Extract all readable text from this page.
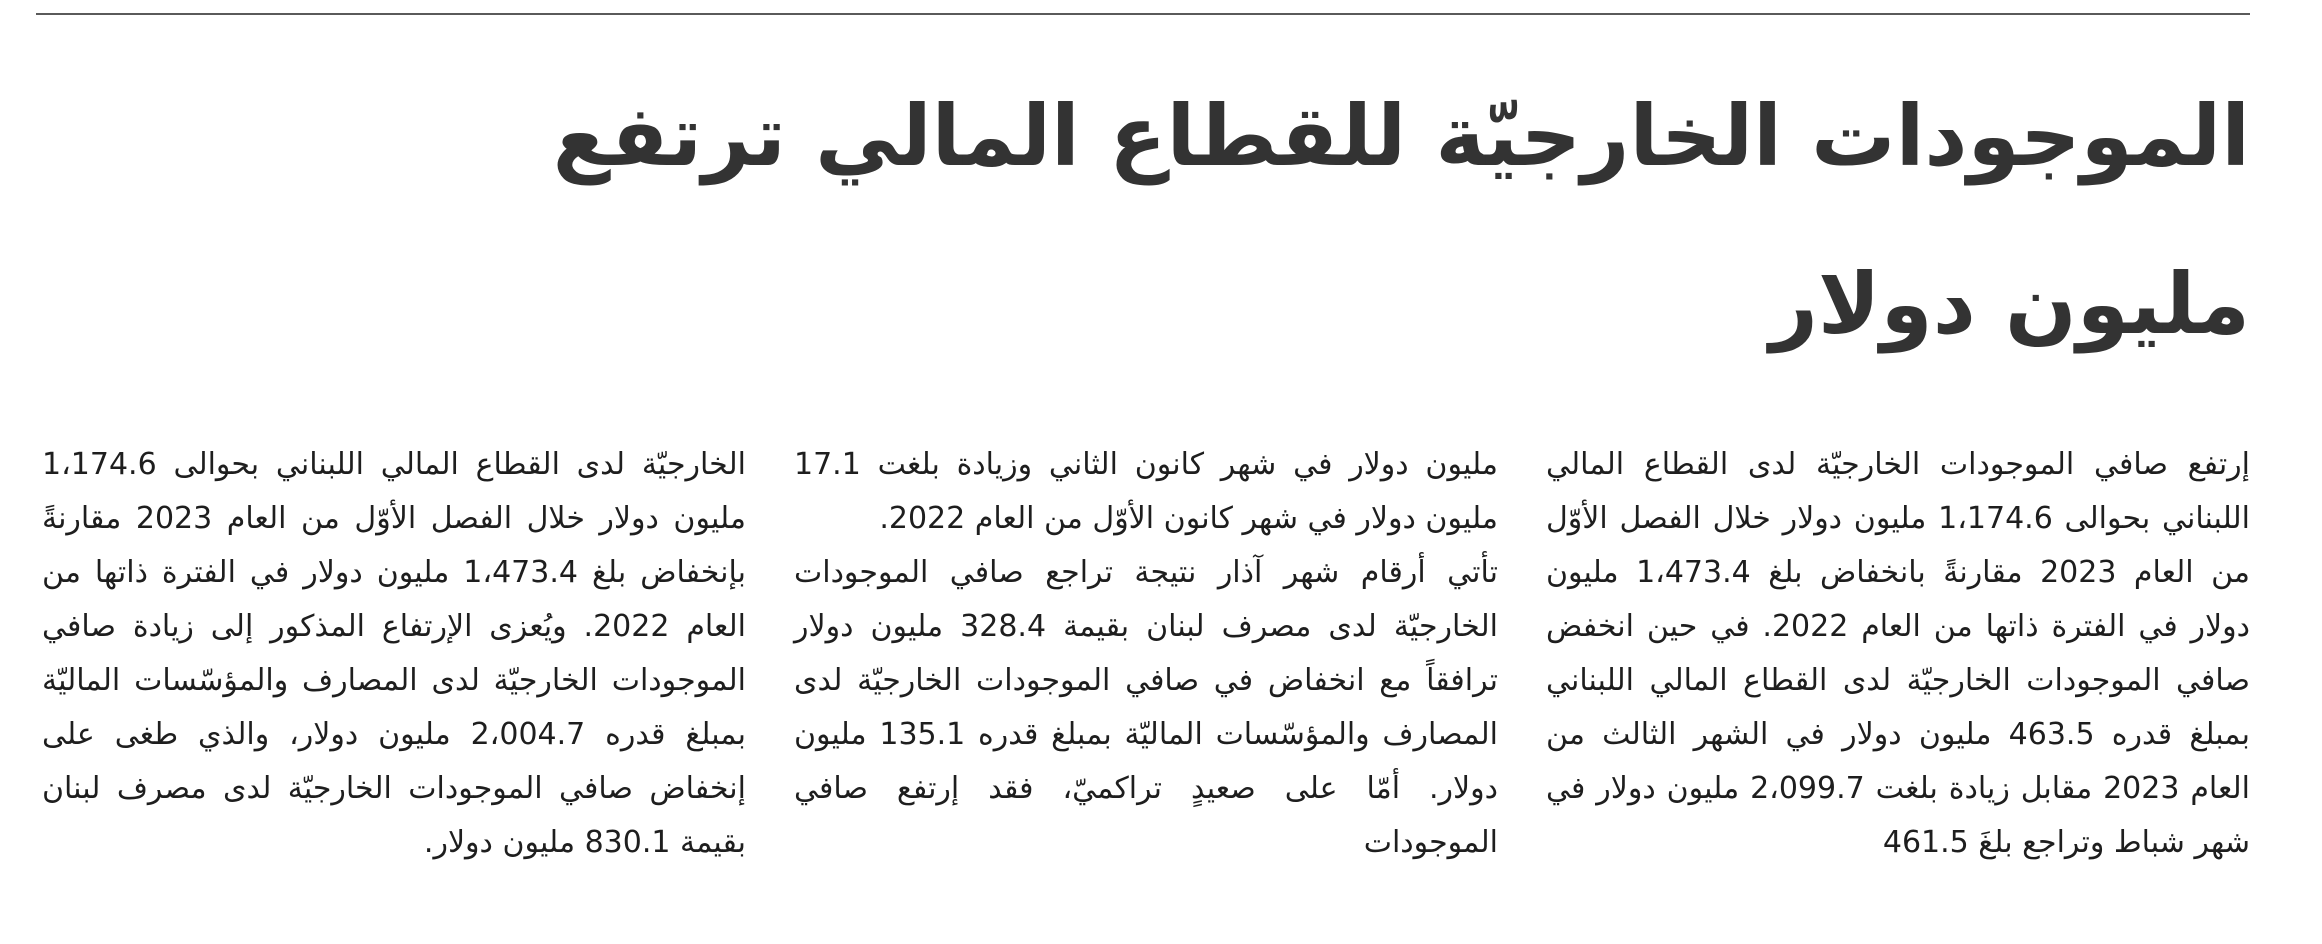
الموجودات الخارجيّة للقطاع المالي ترتفع مليون دولار

إرتفع صافي الموجودات الخارجيّة لدى القطاع المالي اللبناني بحوالى 1،174.6 مليون دولار خلال الفصل الأوّل من العام 2023 مقارنةً بانخفاض بلغ 1،473.4 مليون دولار في الفترة ذاتها من العام 2022. في حين انخفض صافي الموجودات الخارجيّة لدى القطاع المالي اللبناني بمبلغ قدره 463.5 مليون دولار في الشهر الثالث من العام 2023 مقابل زيادة بلغت 2،099.7 مليون دولار في شهر شباط وتراجع بلغَ 461.5

مليون دولار في شهر كانون الثاني وزيادة بلغت 17.1 مليون دولار في شهر كانون الأوّل من العام 2022.
تأتي أرقام شهر آذار نتيجة تراجع صافي الموجودات الخارجيّة لدى مصرف لبنان بقيمة 328.4 مليون دولار ترافقاً مع انخفاض في صافي الموجودات الخارجيّة لدى المصارف والمؤسّسات الماليّة بمبلغ قدره 135.1 مليون دولار. أمّا على صعيدٍ تراكميّ، فقد إرتفع صافي الموجودات

الخارجيّة لدى القطاع المالي اللبناني بحوالى 1،174.6 مليون دولار خلال الفصل الأوّل من العام 2023 مقارنةً بإنخفاض بلغ 1،473.4 مليون دولار في الفترة ذاتها من العام 2022. ويُعزى الإرتفاع المذكور إلى زيادة صافي الموجودات الخارجيّة لدى المصارف والمؤسّسات الماليّة بمبلغ قدره 2،004.7 مليون دولار، والذي طغى على إنخفاض صافي الموجودات الخارجيّة لدى مصرف لبنان بقيمة 830.1 مليون دولار.
